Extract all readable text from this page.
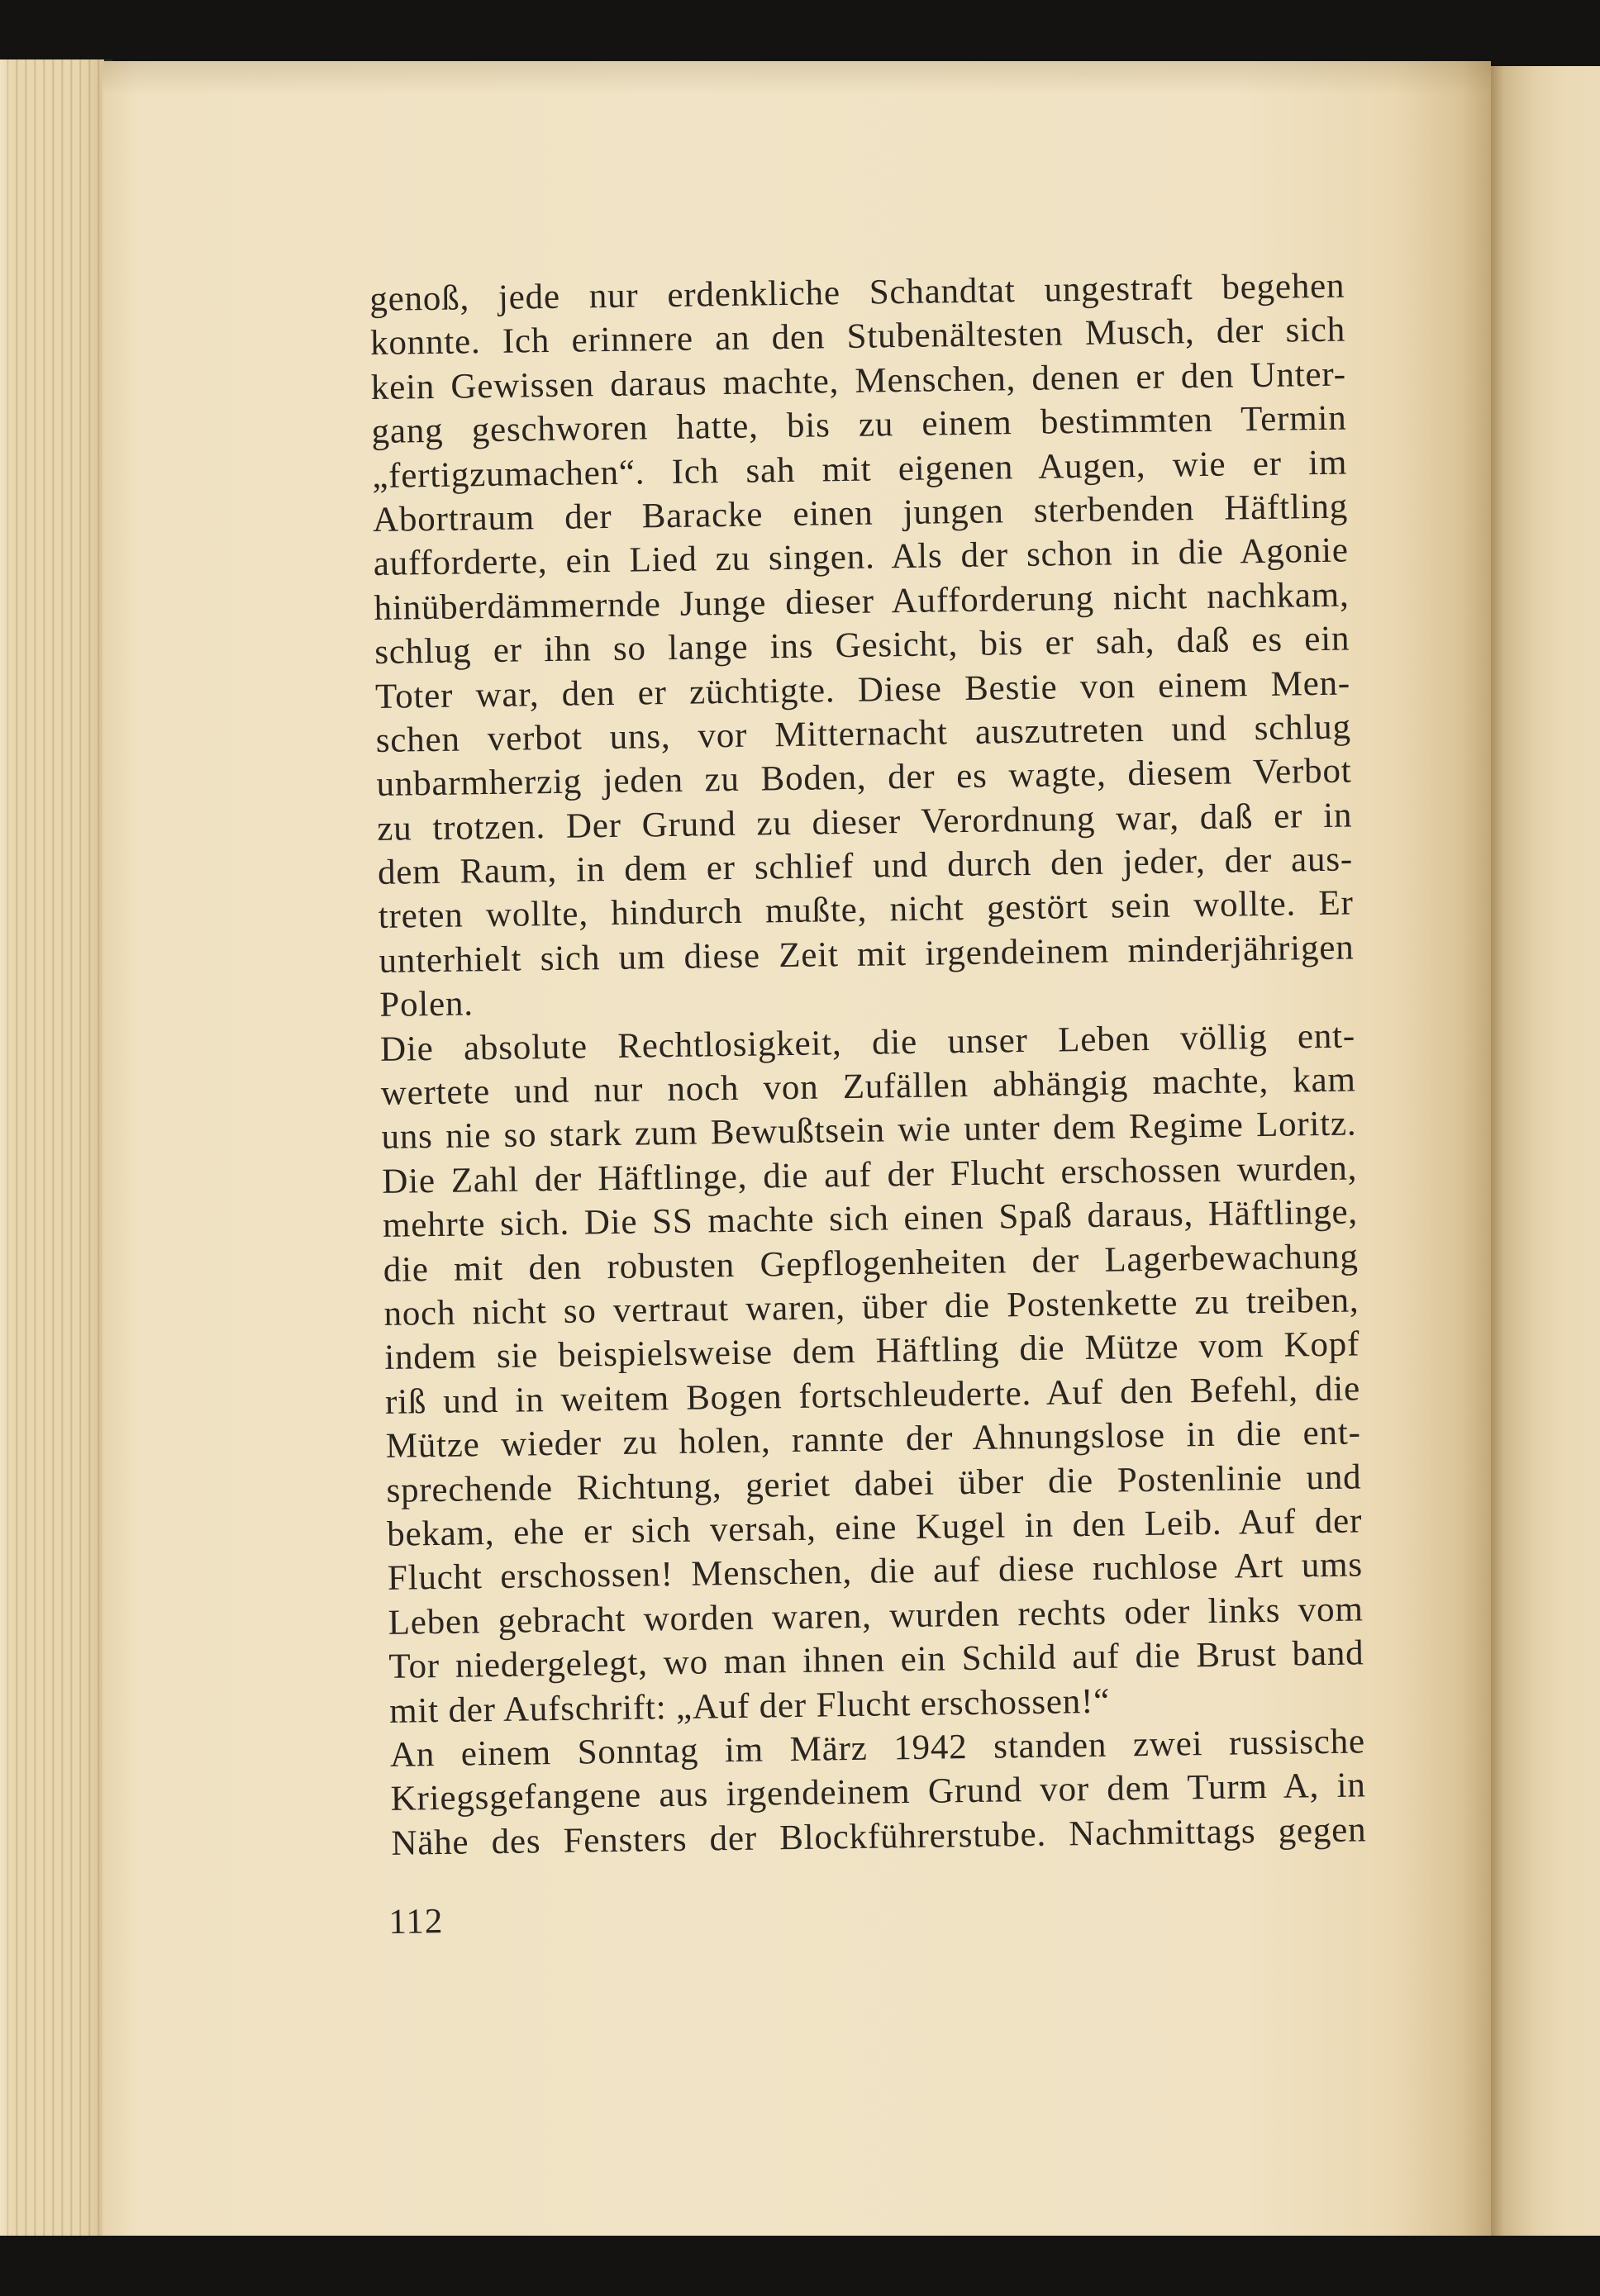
genoß, jede nur erdenkliche Schandtat ungestraft begehen
konnte. Ich erinnere an den Stubenältesten Musch, der sich
kein Gewissen daraus machte, Menschen, denen er den Unter-
gang geschworen hatte, bis zu einem bestimmten Termin
„fertigzumachen“. Ich sah mit eigenen Augen, wie er im
Abortraum der Baracke einen jungen sterbenden Häftling
aufforderte, ein Lied zu singen. Als der schon in die Agonie
hinüberdämmernde Junge dieser Aufforderung nicht nachkam,
schlug er ihn so lange ins Gesicht, bis er sah, daß es ein
Toter war, den er züchtigte. Diese Bestie von einem Men-
schen verbot uns, vor Mitternacht auszutreten und schlug
unbarmherzig jeden zu Boden, der es wagte, diesem Verbot
zu trotzen. Der Grund zu dieser Verordnung war, daß er in
dem Raum, in dem er schlief und durch den jeder, der aus-
treten wollte, hindurch mußte, nicht gestört sein wollte. Er
unterhielt sich um diese Zeit mit irgendeinem minderjährigen
Polen.
Die absolute Rechtlosigkeit, die unser Leben völlig ent-
wertete und nur noch von Zufällen abhängig machte, kam
uns nie so stark zum Bewußtsein wie unter dem Regime Loritz.
Die Zahl der Häftlinge, die auf der Flucht erschossen wurden,
mehrte sich. Die SS machte sich einen Spaß daraus, Häftlinge,
die mit den robusten Gepflogenheiten der Lagerbewachung
noch nicht so vertraut waren, über die Postenkette zu treiben,
indem sie beispielsweise dem Häftling die Mütze vom Kopf
riß und in weitem Bogen fortschleuderte. Auf den Befehl, die
Mütze wieder zu holen, rannte der Ahnungslose in die ent-
sprechende Richtung, geriet dabei über die Postenlinie und
bekam, ehe er sich versah, eine Kugel in den Leib. Auf der
Flucht erschossen! Menschen, die auf diese ruchlose Art ums
Leben gebracht worden waren, wurden rechts oder links vom
Tor niedergelegt, wo man ihnen ein Schild auf die Brust band
mit der Aufschrift: „Auf der Flucht erschossen!“
An einem Sonntag im März 1942 standen zwei russische
Kriegsgefangene aus irgendeinem Grund vor dem Turm A, in
Nähe des Fensters der Blockführerstube. Nachmittags gegen
112
